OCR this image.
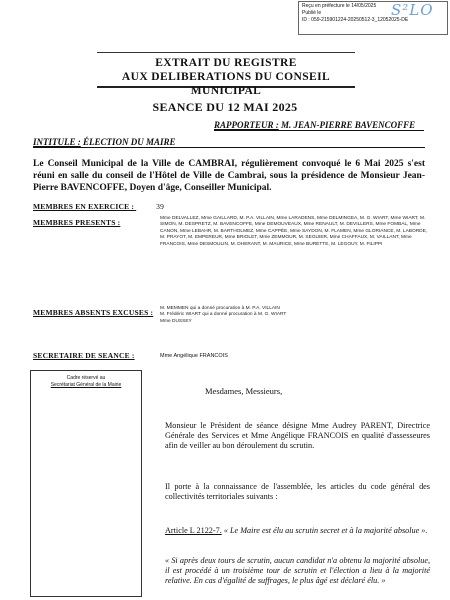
Reçu en préfecture le 14/05/2025
Publié le
ID : 059-215901224-20250512-3_12052025-DE
S²LO
EXTRAIT DU REGISTRE
AUX DELIBERATIONS DU CONSEIL MUNICIPAL
SEANCE DU 12 MAI 2025
RAPPORTEUR : M. JEAN-PIERRE BAVENCOFFE
INTITULE : ÉLECTION DU MAIRE
Le Conseil Municipal de la Ville de CAMBRAI, régulièrement convoqué le 6 Mai 2025 s'est réuni en salle du conseil de l'Hôtel de Ville de Cambrai, sous la présidence de Monsieur Jean-Pierre BAVENCOFFE, Doyen d'âge, Conseiller Municipal.
MEMBRES EN EXERCICE :	39
MEMBRES PRESENTS :	Mme DELVALLEZ, Mme GAILLARD, M. P.A. VILLAIN, Mme LARADENS, Mme DELMINGEA, M. G. WIART, Mme WIART, M. SIMON, M. DESPRETZ, M. BAVENCOFFE, Mme DEMOUVEAUX, Mme RENAULT, M. DEVILLERS, Mme FOMBAL, Mme CANON, Mme LEBAHR, M. BARTHOLMEZ, Mme CAPPÉE, Mme SAYDON, M. FLAMEN, Mme GLORIANCE, M. LABORDE, M. PRAYOT, M. EMPEREUR, Mme BRIOLET, Mme ZEMMOUR, M. SEGUIER, Mme CHAFFAUX, M. VAILLANT, Mme FRANCOIS, Mme DESMOULIN, M. DHERANT, M. MAURICE, Mme BURETTE, M. LEGOUY, M. FILIPPI
MEMBRES ABSENTS EXCUSES : M. MEMMEN qui a donné procuration à M. P.A. VILLAIN
M. Frédéric WIART qui a donné procuration à M. G. WIART
Mme DUSSEY
SECRETAIRE DE SEANCE :	Mme Angélique FRANCOIS
Cadre réservé au
Secrétariat Général de la Mairie
Mesdames, Messieurs,
Monsieur le Président de séance désigne Mme Audrey PARENT, Directrice Générale des Services et Mme Angélique FRANCOIS en qualité d'assesseures afin de veiller au bon déroulement du scrutin.
Il porte à la connaissance de l'assemblée, les articles du code général des collectivités territoriales suivants :
Article L 2122-7. « Le Maire est élu au scrutin secret et à la majorité absolue ».
« Si après deux tours de scrutin, aucun candidat n'a obtenu la majorité absolue, il est procédé à un troisième tour de scrutin et l'élection a lieu à la majorité relative. En cas d'égalité de suffrages, le plus âgé est déclaré élu. »
